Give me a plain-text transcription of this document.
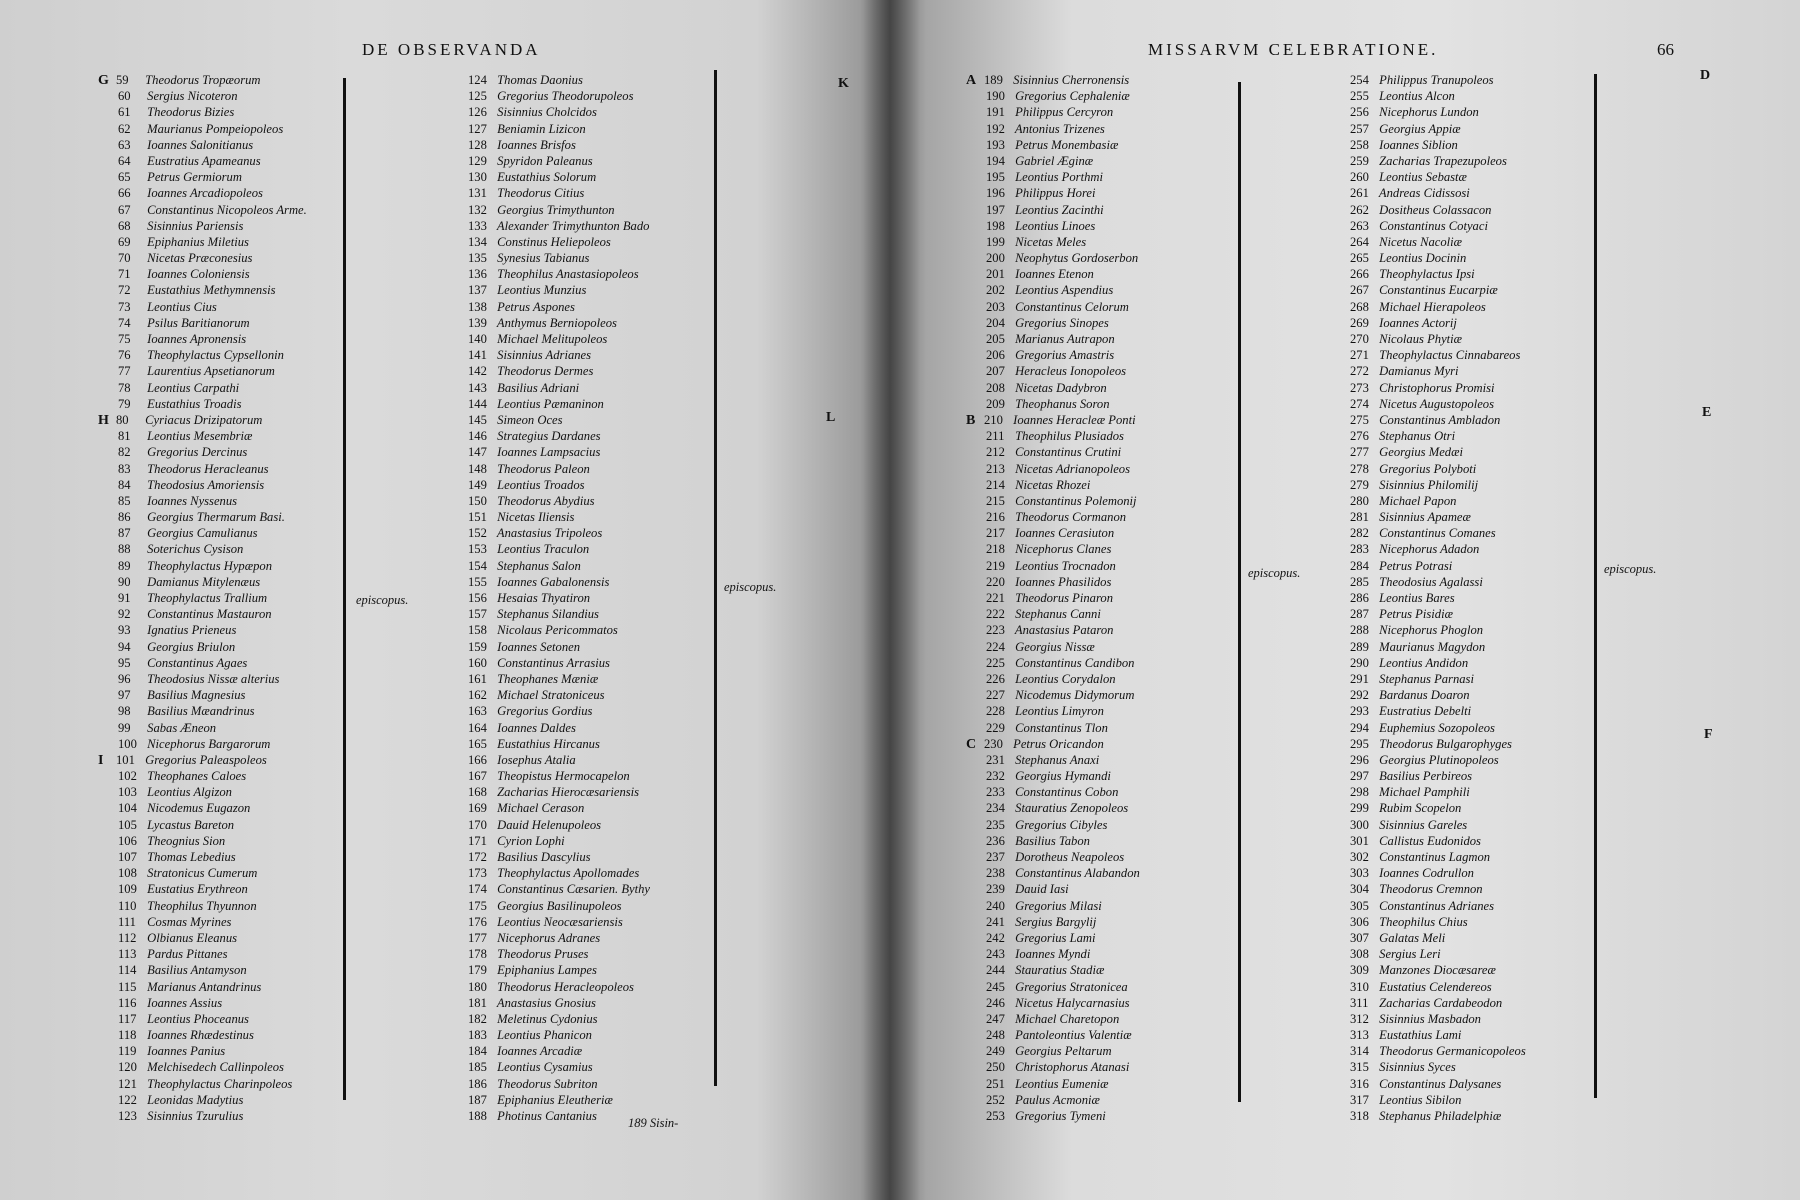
DE OBSERVANDA
G 59 Theodorus Tropæorum
60 Sergius Nicoteron
61 Theodorus Bizies
62 Maurianus Pompeiopoleos
63 Ioannes Salonitianus
64 Eustratius Apameanus
65 Petrus Germiorum
66 Ioannes Arcadiopoleos
67 Constantinus Nicopoleos Arme.
68 Sisinnius Pariensis
69 Epiphanius Miletius
70 Nicetas Præconesius
71 Ioannes Coloniensis
72 Eustathius Methymnensis
73 Leontius Cius
74 Psilus Baritianorum
75 Ioannes Apronensis
76 Theophylactus Cypsellonin
77 Laurentius Apsetianorum
78 Leontius Carpathi
79 Eustathius Troadis
H 80 Cyriacus Drizipatorum
81 Leontius Mesembriæ
82 Gregorius Dercinus
83 Theodorus Heracleanus
84 Theodosius Amoriensis
85 Ioannes Nyssenus
86 Georgius Thermarum Basi.
87 Georgius Camulianus
88 Soterichus Cysison
89 Theophylactus Hypæpon
90 Damianus Mitylenæus
91 Theophylactus Trallium
92 Constantinus Mastauron
93 Ignatius Prieneus
94 Georgius Briulon
95 Constantinus Agaes
96 Theodosius Nissæ alterius
97 Basilius Magnesius
98 Basilius Mæandrinus
99 Sabas Æneon
100 Nicephorus Bargarorum
I 101 Gregorius Paleaspoleos
102 Theophanes Caloes
103 Leontius Algizon
104 Nicodemus Eugazon
105 Lycastus Bareton
106 Theognius Sion
107 Thomas Lebedius
108 Stratonicus Cumerum
109 Eustatius Erythreon
110 Theophilus Thyunnon
111 Cosmas Myrines
112 Olbianus Eleanus
113 Pardus Pittanes
114 Basilius Antamyson
115 Marianus Antandrinus
116 Ioannes Assius
117 Leontius Phoceanus
118 Ioannes Rhædestinus
119 Ioannes Panius
120 Melchisedech Callinpoleos
121 Theophylactus Charinpoleos
122 Leonidas Madytius
123 Sisinnius Tzurulius
episcopus.
124 Thomas Daonius
125 Gregorius Theodorupoleos
126 Sisinnius Cholcidos
127 Beniamin Lizicon
128 Ioannes Brisfos
129 Spyridon Paleanus
130 Eustathius Solorum
131 Theodorus Citius
132 Georgius Trimythunton
133 Alexander Trimythunton Bado
134 Constinus Heliepoleos
135 Synesius Tabianus
136 Theophilus Anastasiopoleos
137 Leontius Munzius
138 Petrus Aspones
139 Anthymus Berniopoleos
140 Michael Melitupoleos
141 Sisinnius Adrianes
142 Theodorus Dermes
143 Basilius Adriani
144 Leontius Pæmaninon
145 Simeon Oces
146 Strategius Dardanes
147 Ioannes Lampsacius
148 Theodorus Paleon
149 Leontius Troados
150 Theodorus Abydius
151 Nicetas Iliensis
152 Anastasius Tripoleos
153 Leontius Traculon
154 Stephanus Salon
155 Ioannes Gabalonensis
156 Hesaias Thyatiron
157 Stephanus Silandius
158 Nicolaus Pericommatos
159 Ioannes Setonen
160 Constantinus Arrasius
161 Theophanes Mæniæ
162 Michael Stratoniceus
163 Gregorius Gordius
164 Ioannes Daldes
165 Eustathius Hircanus
166 Iosephus Atalia
167 Theopistus Hermocapelon
168 Zacharias Hierocæsariensis
169 Michael Cerason
170 Dauid Helenupoleos
171 Cyrion Lophi
172 Basilius Dascylius
173 Theophylactus Apollomades
174 Constantinus Cæsarien. Bythy
175 Georgius Basilinupoleos
176 Leontius Neocæsariensis
177 Nicephorus Adranes
178 Theodorus Pruses
179 Epiphanius Lampes
180 Theodorus Heracleopoleos
181 Anastasius Gnosius
182 Meletinus Cydonius
183 Leontius Phanicon
184 Ioannes Arcadiæ
185 Leontius Cysamius
186 Theodorus Subriton
187 Epiphanius Eleutheriæ
188 Photinus Cantanius
episcopus.
K
L
189 Sisin-
MISSARVM CELEBRATIONE.	66
A 189 Sisinnius Cherronensis
190 Gregorius Cephaleniæ
191 Philippus Cercyron
192 Antonius Trizenes
193 Petrus Monembasiæ
194 Gabriel Æginæ
195 Leontius Porthmi
196 Philippus Horei
197 Leontius Zacinthi
198 Leontius Linoes
199 Nicetas Meles
200 Neophytus Gordoserbon
201 Ioannes Etenon
202 Leontius Aspendius
203 Constantinus Celorum
204 Gregorius Sinopes
205 Marianus Autrapon
206 Gregorius Amastris
207 Heracleus Ionopoleos
208 Nicetas Dadybron
209 Theophanus Soron
B 210 Ioannes Heracleæ Ponti
211 Theophilus Plusiados
212 Constantinus Crutini
213 Nicetas Adrianopoleos
214 Nicetas Rhozei
215 Constantinus Polemonij
216 Theodorus Cormanon
217 Ioannes Cerasiuton
218 Nicephorus Clanes
219 Leontius Trocnadon
220 Ioannes Phasilidos
221 Theodorus Pinaron
222 Stephanus Canni
223 Anastasius Pataron
224 Georgius Nissæ
225 Constantinus Candibon
226 Leontius Corydalon
227 Nicodemus Didymorum
228 Leontius Limyron
229 Constantinus Tlon
C 230 Petrus Oricandon
231 Stephanus Anaxi
232 Georgius Hymandi
233 Constantinus Cobon
234 Stauratius Zenopoleos
235 Gregorius Cibyles
236 Basilius Tabon
237 Dorotheus Neapoleos
238 Constantinus Alabandon
239 Dauid Iasi
240 Gregorius Milasi
241 Sergius Bargylij
242 Gregorius Lami
243 Ioannes Myndi
244 Stauratius Stadiæ
245 Gregorius Stratonicea
246 Nicetus Halycarnasius
247 Michael Charetopon
248 Pantoleontius Valentiæ
249 Georgius Peltarum
250 Christophorus Atanasi
251 Leontius Eumeniæ
252 Paulus Acmoniæ
253 Gregorius Tymeni
episcopus.
254 Philippus Tranupoleos
255 Leontius Alcon
256 Nicephorus Lundon
257 Georgius Appiæ
258 Ioannes Siblion
259 Zacharias Trapezupoleos
260 Leontius Sebastæ
261 Andreas Cidissosi
262 Dositheus Colassacon
263 Constantinus Cotyaci
264 Nicetus Nacoliæ
265 Leontius Docinin
266 Theophylactus Ipsi
267 Constantinus Eucarpiæ
268 Michael Hierapoleos
269 Ioannes Actorij
270 Nicolaus Phytiæ
271 Theophylactus Cinnabareos
272 Damianus Myri
273 Christophorus Promisi
274 Nicetus Augustopoleos
275 Constantinus Ambladon
276 Stephanus Otri
277 Georgius Medæi
278 Gregorius Polyboti
279 Sisinnius Philomilij
280 Michael Papon
281 Sisinnius Apameæ
282 Constantinus Comanes
283 Nicephorus Adadon
284 Petrus Potrasi
285 Theodosius Agalassi
286 Leontius Bares
287 Petrus Pisidiæ
288 Nicephorus Phoglon
289 Maurianus Magydon
290 Leontius Andidon
291 Stephanus Parnasi
292 Bardanus Doaron
293 Eustratius Debelti
294 Euphemius Sozopoleos
295 Theodorus Bulgarophyges
296 Georgius Plutinopoleos
297 Basilius Perbireos
298 Michael Pamphili
299 Rubim Scopelon
300 Sisinnius Gareles
301 Callistus Eudonidos
302 Constantinus Lagmon
303 Ioannes Codrullon
304 Theodorus Cremnon
305 Constantinus Adrianes
306 Theophilus Chius
307 Galatas Meli
308 Sergius Leri
309 Manzones Diocæsareæ
310 Eustatius Celendereos
311 Zacharias Cardabeodon
312 Sisinnius Masbadon
313 Eustathius Lami
314 Theodorus Germanicopoleos
315 Sisinnius Syces
316 Constantinus Dalysanes
317 Leontius Sibilon
318 Stephanus Philadelphiæ
episcopus.
D
E
F
